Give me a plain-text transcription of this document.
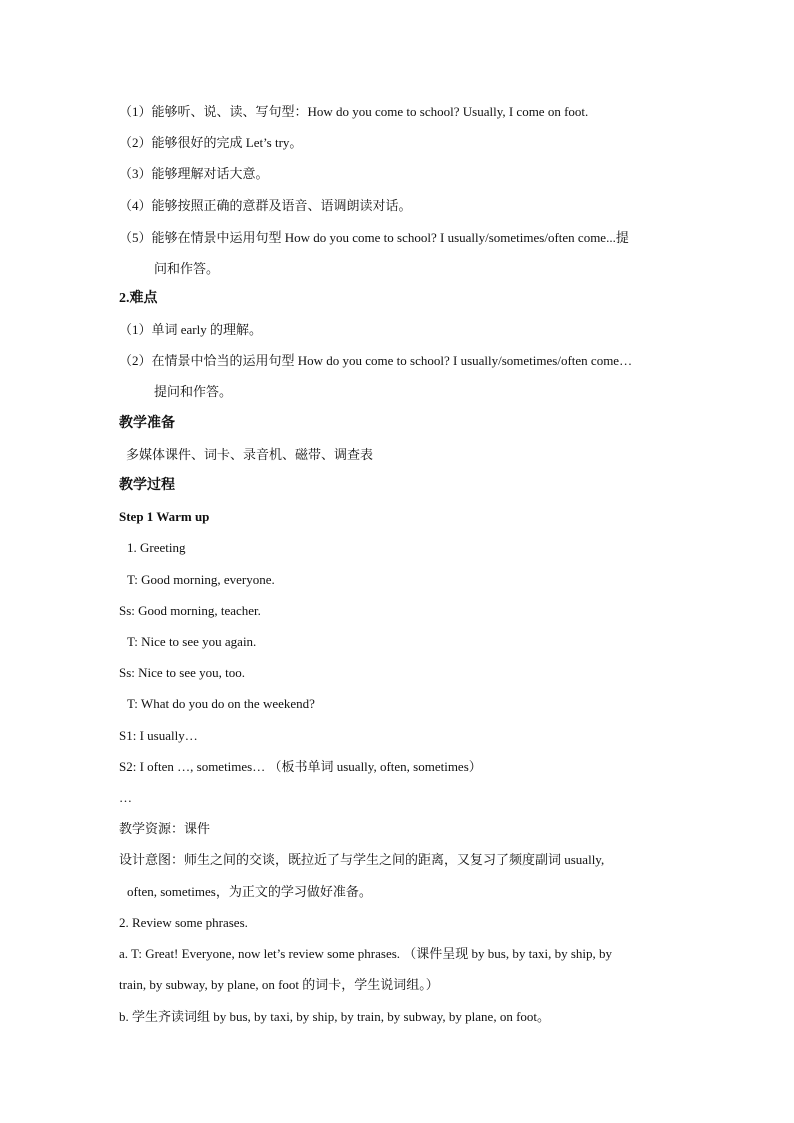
（1）能够听、说、读、写句型：How do you come to school? Usually, I come on foot.
（2）能够很好的完成 Let’s try。
（3）能够理解对话大意。
（4）能够按照正确的意群及语音、语调朗读对话。
（5）能够在情景中运用句型 How do you come to school? I usually/sometimes/often come...提
问和作答。
2.难点
（1）单词 early 的理解。
（2）在情景中恰当的运用句型 How do you come to school? I usually/sometimes/often come…
提问和作答。
教学准备
多媒体课件、词卡、录音机、磁带、调查表
教学过程
Step 1 Warm up
1. Greeting
T: Good morning, everyone.
Ss: Good morning, teacher.
T: Nice to see you again.
Ss: Nice to see you, too.
T: What do you do on the weekend?
S1: I usually…
S2: I often …, sometimes… （板书单词 usually, often, sometimes）
…
教学资源：课件
设计意图：师生之间的交谈，既拉近了与学生之间的距离，又复习了频度副词 usually,
often, sometimes，为正文的学习做好准备。
2. Review some phrases.
a. T: Great! Everyone, now let’s review some phrases. （课件呈现 by bus, by taxi, by ship, by
train, by subway, by plane, on foot 的词卡，学生说词组。）
b. 学生齐读词组 by bus, by taxi, by ship, by train, by subway, by plane, on foot。
